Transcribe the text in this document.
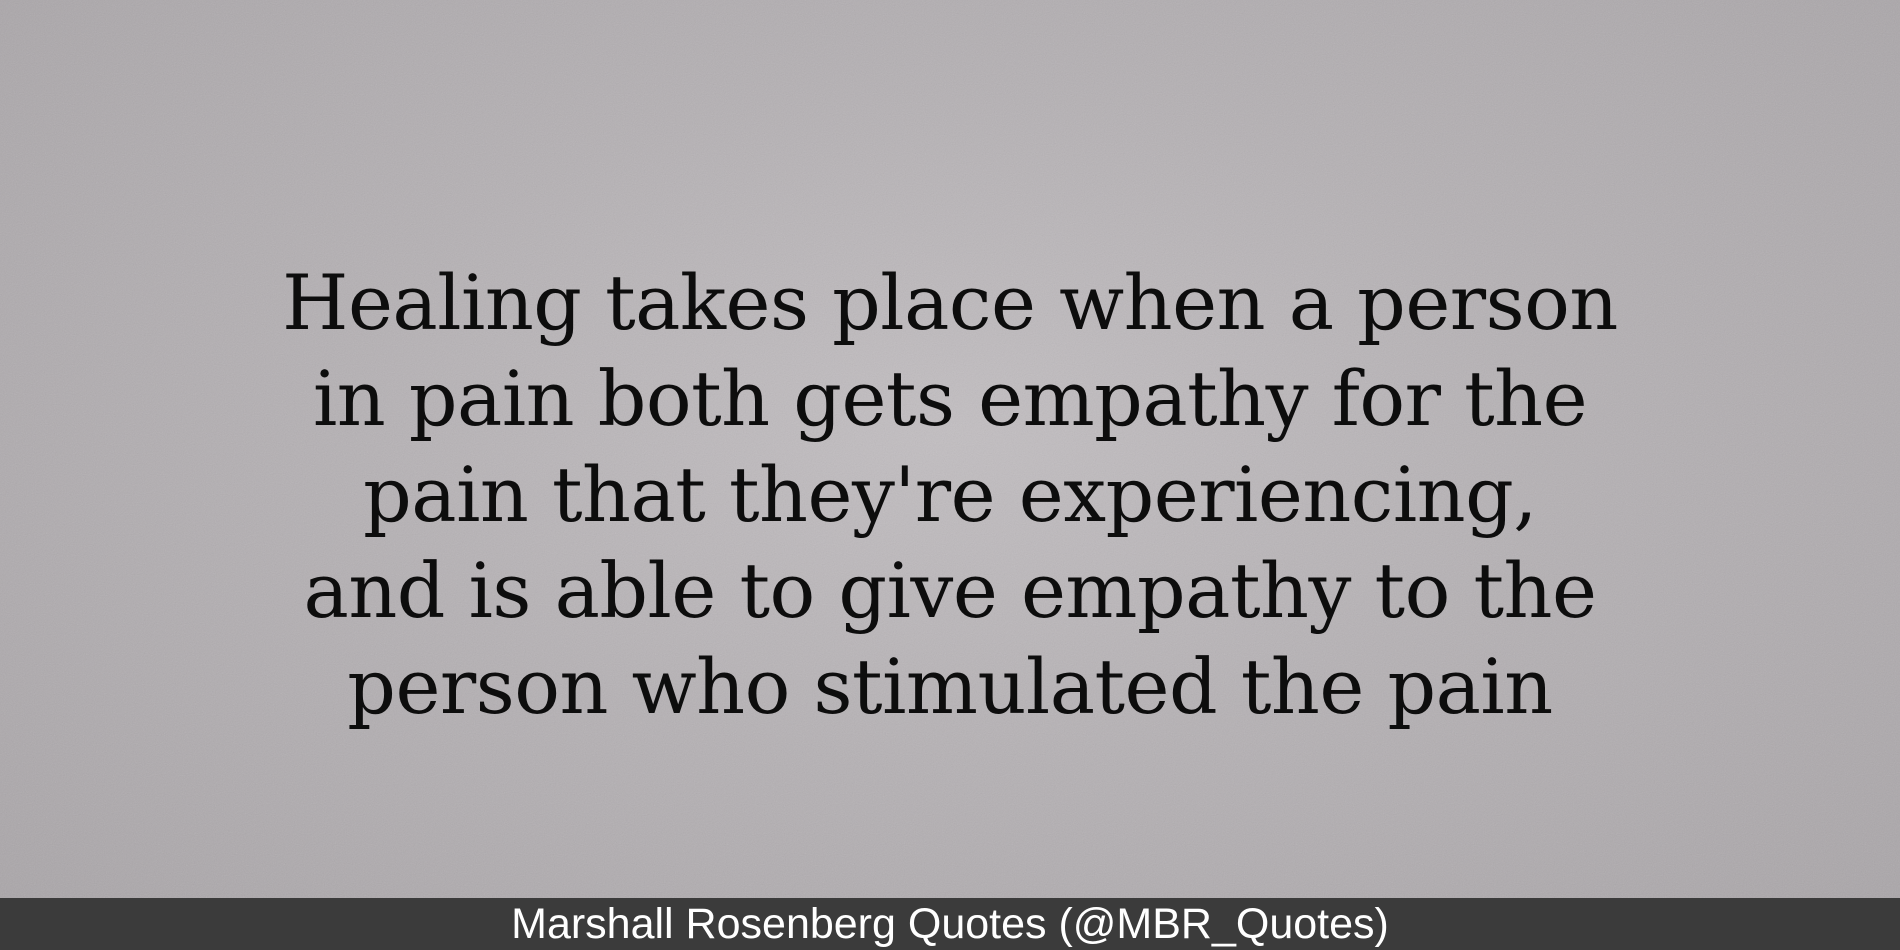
Healing takes place when a person
in pain both gets empathy for the
pain that they're experiencing,
and is able to give empathy to the
person who stimulated the pain

Marshall Rosenberg Quotes (@MBR_Quotes)
